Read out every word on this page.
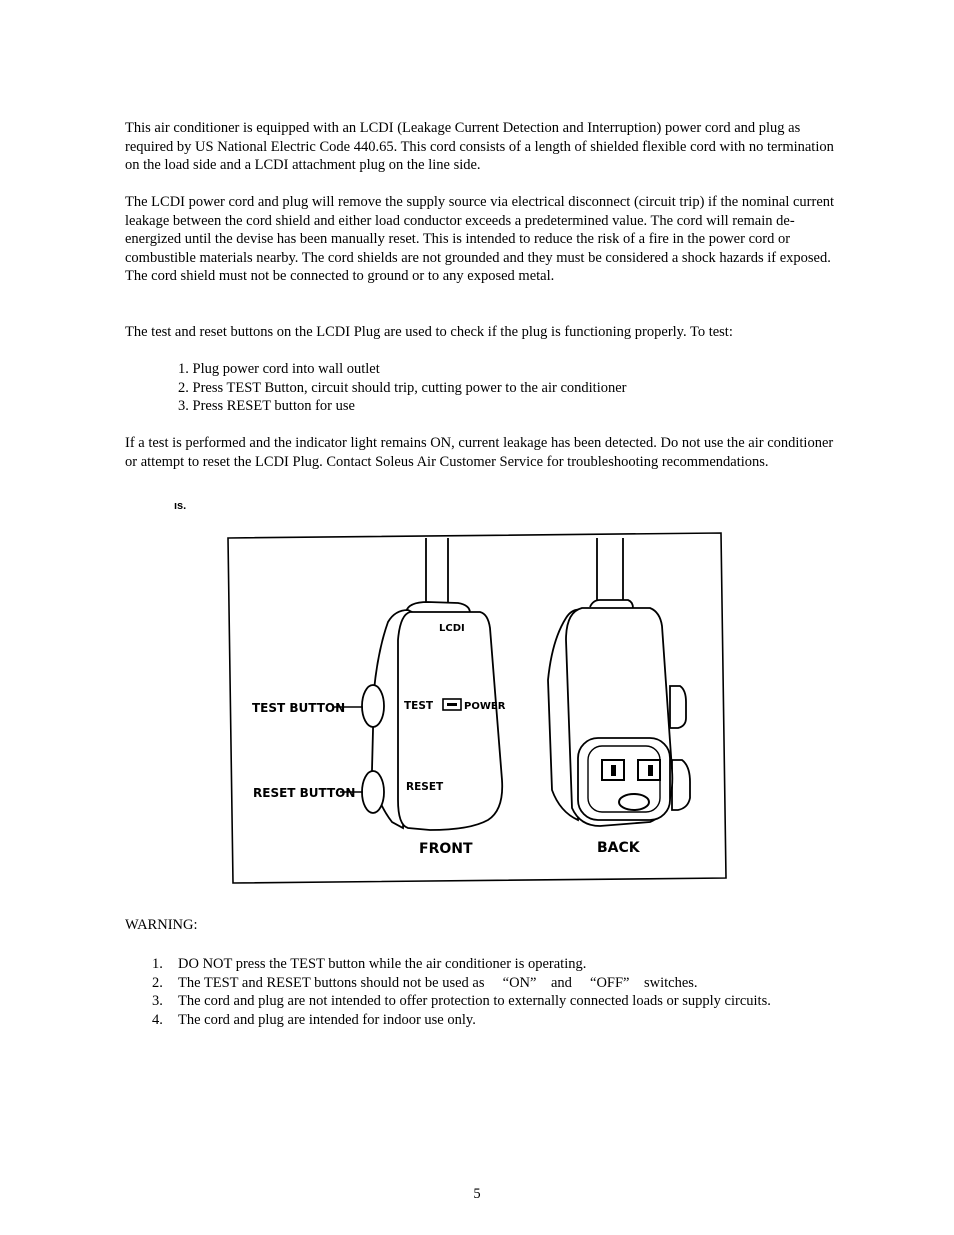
This air conditioner is equipped with an LCDI (Leakage Current Detection and Interruption) power cord and plug as required by US National Electric Code 440.65. This cord consists of a length of shielded flexible cord with no termination on the load side and a LCDI attachment plug on the line side.

The LCDI power cord and plug will remove the supply source via electrical disconnect (circuit trip) if the nominal current leakage between the cord shield and either load conductor exceeds a predetermined value. The cord will remain de-energized until the devise has been manually reset. This is intended to reduce the risk of a fire in the power cord or combustible materials nearby. The cord shields are not grounded and they must be considered a shock hazards if exposed. The cord shield must not be connected to ground or to any exposed metal.

The test and reset buttons on the LCDI Plug are used to check if the plug is functioning properly. To test:

1. Plug power cord into wall outlet
2. Press TEST Button, circuit should trip, cutting power to the air conditioner
3. Press RESET button for use

If a test is performed and the indicator light remains ON, current leakage has been detected. Do not use the air conditioner or attempt to reset the LCDI Plug. Contact Soleus Air Customer Service for troubleshooting recommendations.

ıs.
LCDI
TEST	POWER
RESET
TEST BUTTON
RESET BUTTON
FRONT	BACK
WARNING:
1.	DO NOT press the TEST button while the air conditioner is operating.
2.	The TEST and RESET buttons should not be used as 　“ON”　and 　“OFF”　switches.
3.	The cord and plug are not intended to offer protection to externally connected loads or supply circuits.
4.	The cord and plug are intended for indoor use only.
5
